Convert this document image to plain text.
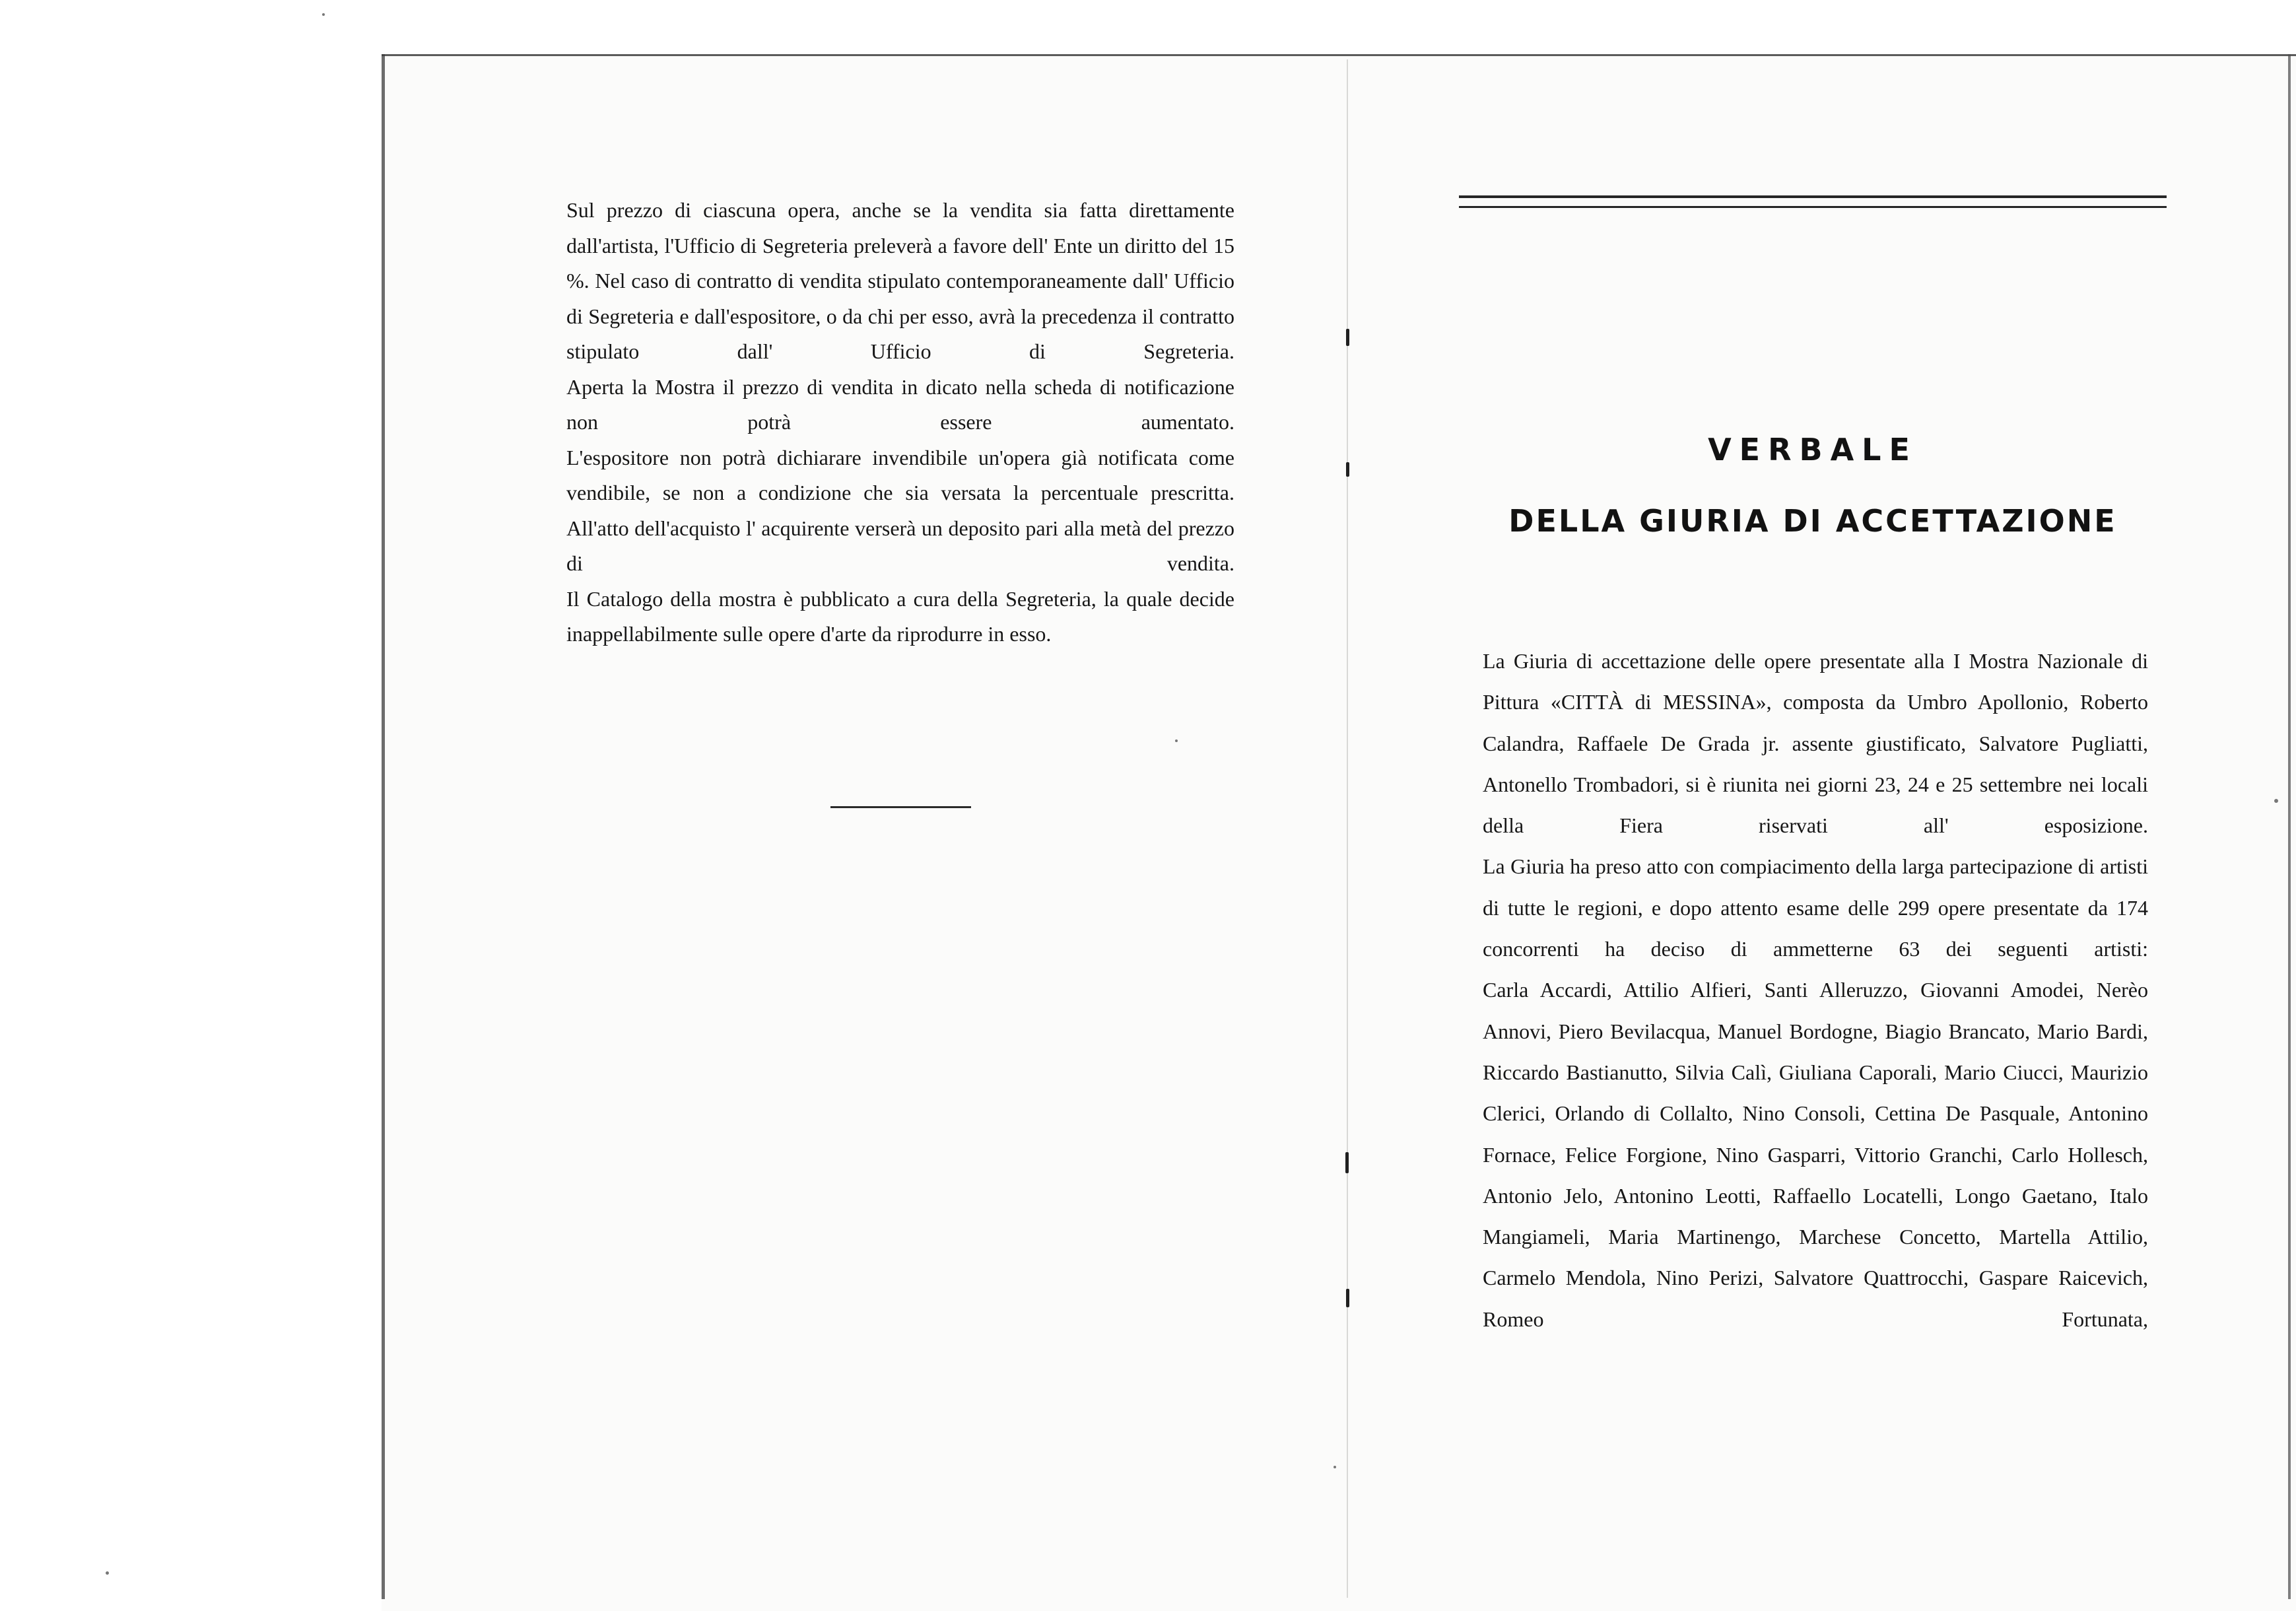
Sul prezzo di ciascuna opera, anche se la vendita sia fatta direttamente dall'artista, l'Ufficio di Segreteria preleverà a favore dell' Ente un diritto del 15 %. Nel caso di contratto di vendita stipulato contemporaneamente dall' Ufficio di Segreteria e dall'espositore, o da chi per esso, avrà la precedenza il contratto stipulato dall' Ufficio di Segreteria.

Aperta la Mostra il prezzo di vendita in dicato nella scheda di notificazione non potrà essere aumentato.

L'espositore non potrà dichiarare invendibile un'opera già notificata come vendibile, se non a condizione che sia versata la percentuale prescritta.

All'atto dell'acquisto l' acquirente verserà un deposito pari alla metà del prezzo di vendita.

Il Catalogo della mostra è pubblicato a cura della Segreteria, la quale decide inappellabilmente sulle opere d'arte da riprodurre in esso.

VERBALE
DELLA GIURIA DI ACCETTAZIONE

La Giuria di accettazione delle opere presentate alla I Mostra Nazionale di Pittura «CITTÀ di MESSINA», composta da Umbro Apollonio, Roberto Calandra, Raffaele De Grada jr. assente giustificato, Salvatore Pugliatti, Antonello Trombadori, si è riunita nei giorni 23, 24 e 25 settembre nei locali della Fiera riservati all' esposizione.

La Giuria ha preso atto con compiacimento della larga partecipazione di artisti di tutte le regioni, e dopo attento esame delle 299 opere presentate da 174 concorrenti ha deciso di ammetterne 63 dei seguenti artisti:

Carla Accardi, Attilio Alfieri, Santi Alleruzzo, Giovanni Amodei, Nerèo Annovi, Piero Bevilacqua, Manuel Bordogne, Biagio Brancato, Mario Bardi, Riccardo Bastianutto, Silvia Calì, Giuliana Caporali, Mario Ciucci, Maurizio Clerici, Orlando di Collalto, Nino Consoli, Cettina De Pasquale, Antonino Fornace, Felice Forgione, Nino Gasparri, Vittorio Granchi, Carlo Hollesch, Antonio Jelo, Antonino Leotti, Raffaello Locatelli, Longo Gaetano, Italo Mangiameli, Maria Martinengo, Marchese Concetto, Martella Attilio, Carmelo Mendola, Nino Perizi, Salvatore Quattrocchi, Gaspare Raicevich, Romeo Fortunata,
